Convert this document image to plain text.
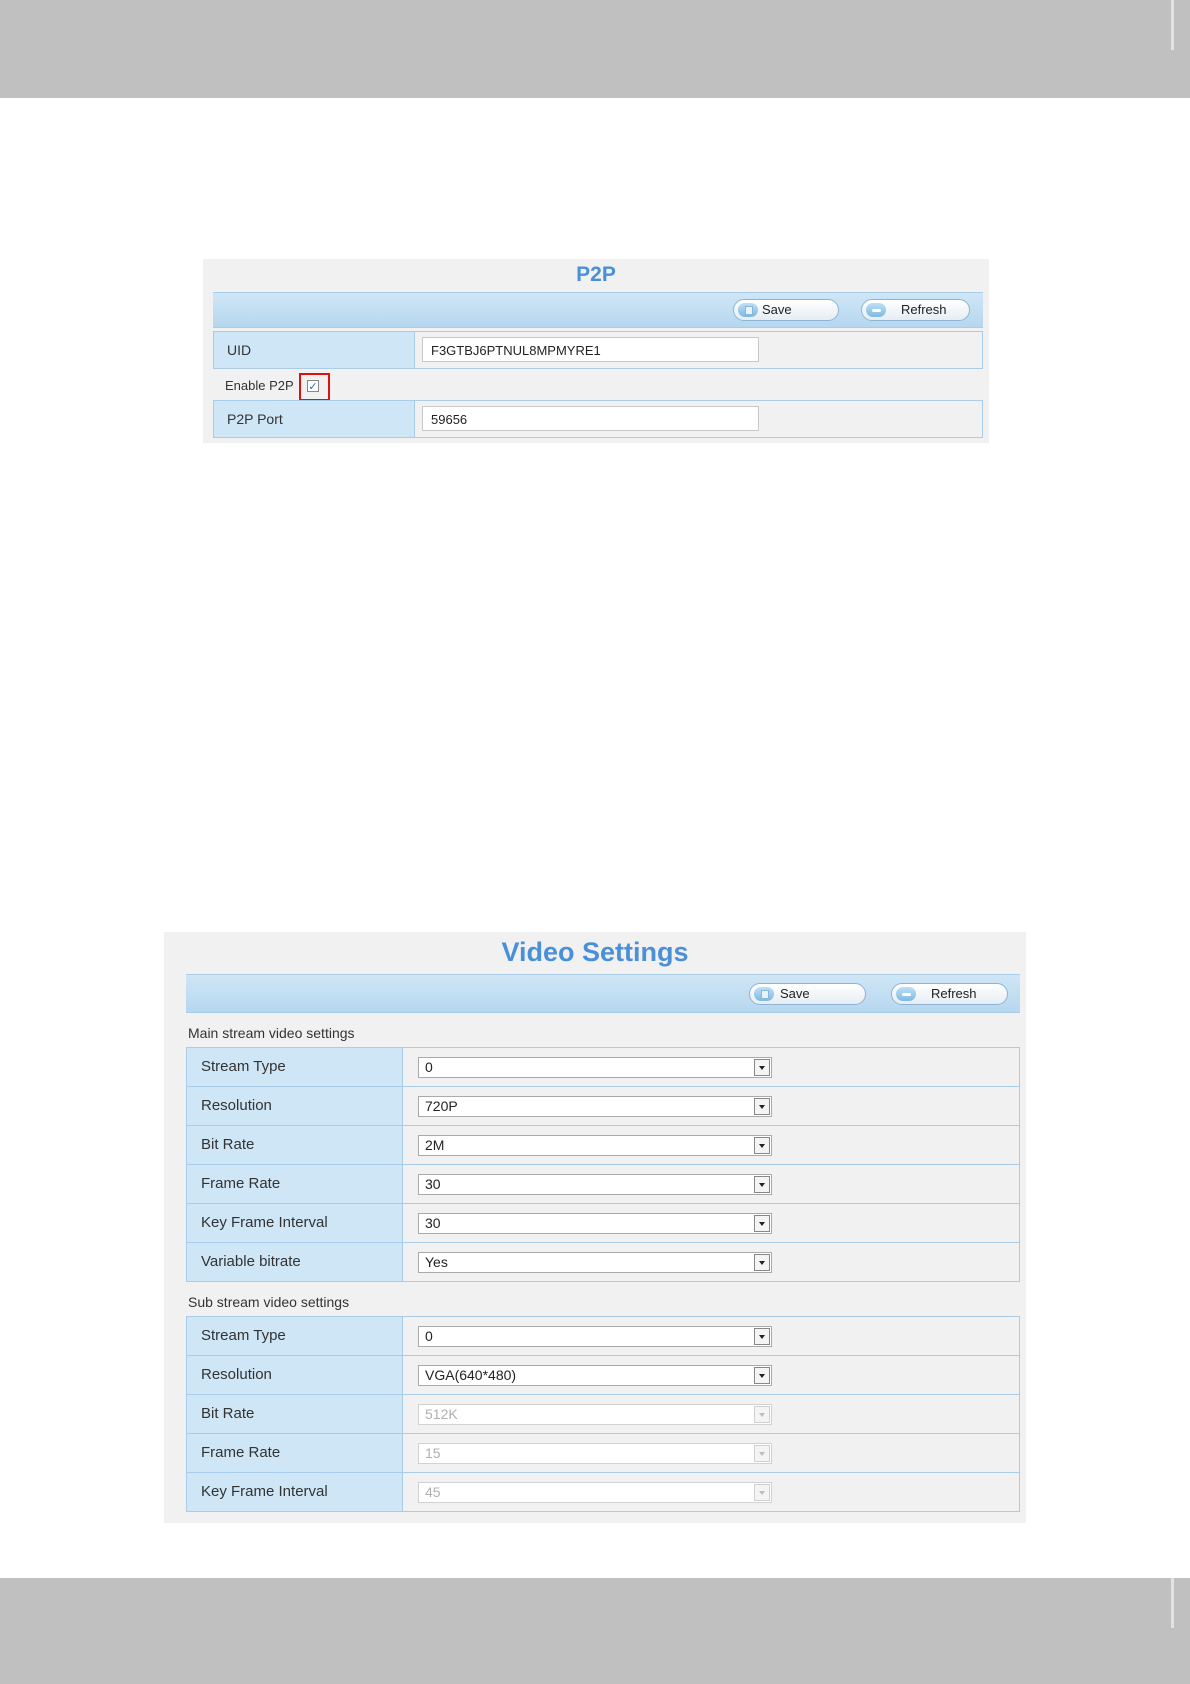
P2P
Save	Refresh
UID	F3GTBJ6PTNUL8MPMYRE1
Enable P2P ✓
P2P Port	59656
Video Settings
Save	Refresh
Main stream video settings
Stream Type	0
Resolution	720P
Bit Rate	2M
Frame Rate	30
Key Frame Interval	30
Variable bitrate	Yes
Sub stream video settings
Stream Type	0
Resolution	VGA(640*480)
Bit Rate	512K
Frame Rate	15
Key Frame Interval	45
